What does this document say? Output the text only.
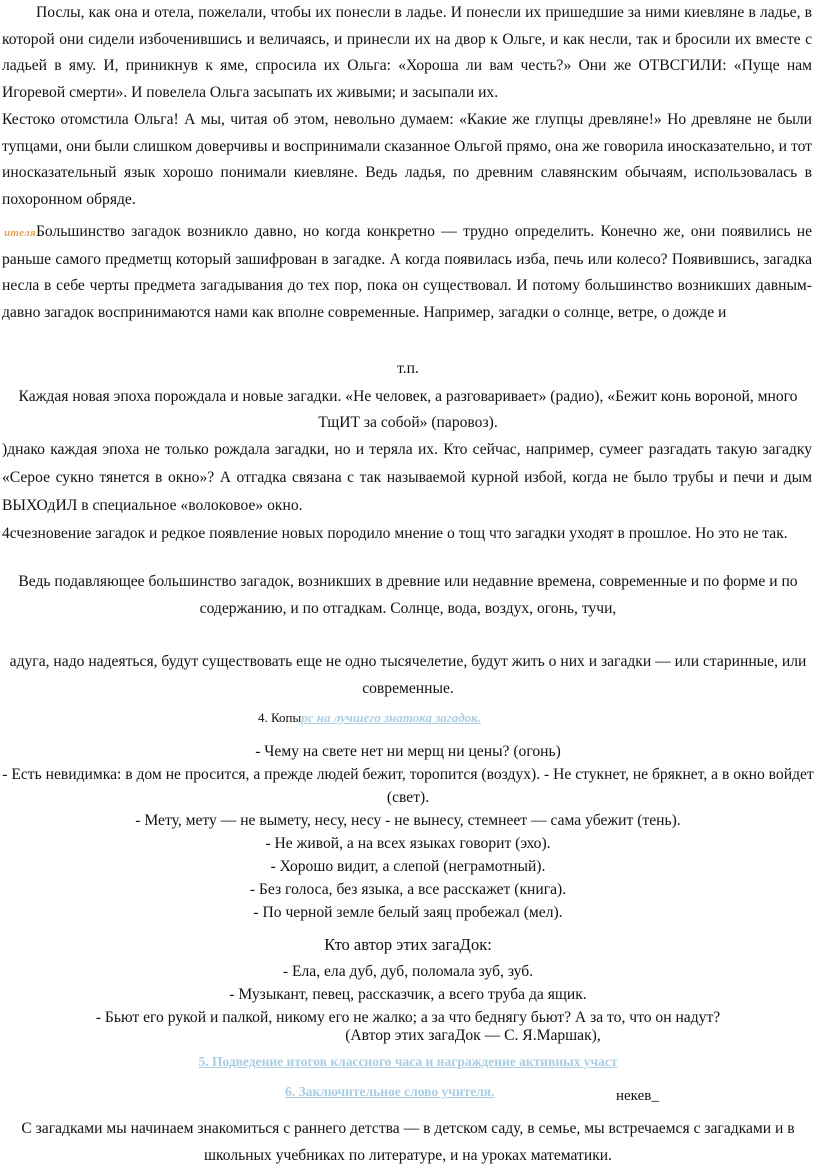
Послы, как она и отела, пожелали, чтобы их понесли в ладье. И понесли их пришедшие за ними киевляне в ладье, в которой они сидели избоченившись и величаясь, и принесли их на двор к Ольге, и как несли, так и бросили их вместе с ладьей в яму. И, приникнув к яме, спросила их Ольга: «Хороша ли вам честь?» Они же ОТВСГИЛИ: «Пуще нам Игоревой смерти». И повелела Ольга засыпать их живыми; и засыпали их.

Кестоко отомстила Ольга! А мы, читая об этом, невольно думаем: «Какие же глупцы древляне!» Но древляне не были тупцами, они были слишком доверчивы и воспринимали сказанное Ольгой прямо, она же говорила иносказательно, и тот иносказательный язык хорошо понимали киевляне. Ведь ладья, по древним славянским обычаям, использовалась в похоронном обряде.

ителяБольшинство загадок возникло давно, но когда конкретно — трудно определить. Конечно же, они появились не раньше самого предметщ который зашифрован в загадке. А когда появилась изба, печь или колесо? Появившись, загадка несла в себе черты предмета загадывания до тех пор, пока он существовал. И потому большинство возникших давным-давно загадок воспринимаются нами как вполне современные. Например, загадки о солнце, ветре, о дожде и

т.п.

Каждая новая эпоха порождала и новые загадки. «Не человек, а разговаривает» (радио), «Бежит конь вороной, много

ТщИТ за собой» (паровоз).

)днако каждая эпоха не только рождала загадки, но и теряла их. Кто сейчас, например, сумеег разгадать такую загадку «Серое сукно тянется в окно»? А отгадка связана с так называемой курной избой, когда не было трубы и печи и дым ВЫХОдИЛ в специальное «волоковое» окно.

4счезновение загадок и редкое появление новых породило мнение о тощ что загадки уходят в прошлое. Но это не так.

Ведь подавляющее большинство загадок, возникших в древние или недавние времена, современные и по форме и по содержанию, и по отгадкам. Солнце, вода, воздух, огонь, тучи,

адуга, надо надеяться, будут существовать еще не одно тысячелетие, будут жить о них и загадки — или старинные, или современные.

4. Копырс на лучшего знатока загадок.

- Чему на свете нет ни мерщ ни цены? (огонь)

- Есть невидимка: в дом не просится, а прежде людей бежит, торопится (воздух). - Не стукнет, не брякнет, а в окно войдет (свет).

- Мету, мету — не вымету, несу, несу - не вынесу, стемнеет — сама убежит (тень).

- Не живой, а на всех языках говорит (эхо).

- Хорошо видит, а слепой (неграмотный).

- Без голоса, без языка, а все расскажет (книга).

- По черной земле белый заяц пробежал (мел).

Кто автор этих загаДок:

- Ела, ела дуб, дуб, поломала зуб, зуб.

- Музыкант, певец, рассказчик, а всего труба да ящик.

- Бьют его рукой и палкой, никому его не жалко; а за что беднягу бьют? А за то, что он надут?

(Автор этих загаДок — С. Я.Маршак),

5. Подведение итогов классного часа и награждение активных участ

6. Заключительное слово учителя.	некев_

С загадками мы начинаем знакомиться с раннего детства — в детском саду, в семье, мы встречаемся с загадками и в школьных учебниках по литературе, и на уроках математики.
